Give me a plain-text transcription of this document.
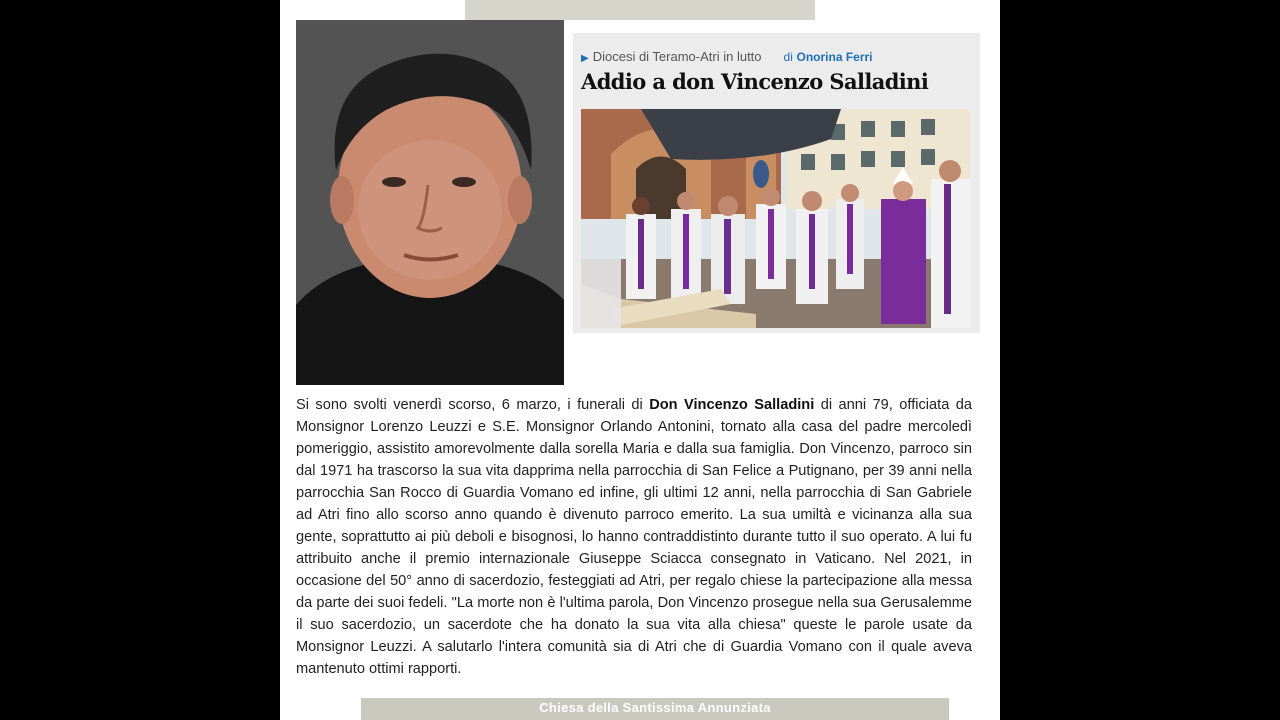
▶ Diocesi di Teramo-Atri in lutto di Onorina Ferri
Addio a don Vincenzo Salladini
Si sono svolti venerdì scorso, 6 marzo, i funerali di Don Vincenzo Salladini di anni 79, officiata da Monsignor Lorenzo Leuzzi e S.E. Monsignor Orlando Antonini, tornato alla casa del padre mercoledì pomeriggio, assistito amorevolmente dalla sorella Maria e dalla sua famiglia. Don Vincenzo, parroco sin dal 1971 ha trascorso la sua vita dapprima nella parrocchia di San Felice a Putignano, per 39 anni nella parrocchia San Rocco di Guardia Vomano ed infine, gli ultimi 12 anni, nella parrocchia di San Gabriele ad Atri fino allo scorso anno quando è divenuto parroco emerito. La sua umiltà e vicinanza alla sua gente, soprattutto ai più deboli e bisognosi, lo hanno contraddistinto durante tutto il suo operato. A lui fu attribuito anche il premio internazionale Giuseppe Sciacca consegnato in Vaticano. Nel 2021, in occasione del 50° anno di sacerdozio, festeggiati ad Atri, per regalo chiese la partecipazione alla messa da parte dei suoi fedeli. "La morte non è l'ultima parola, Don Vincenzo prosegue nella sua Gerusalemme il suo sacerdozio, un sacerdote che ha donato la sua vita alla chiesa" queste le parole usate da Monsignor Leuzzi. A salutarlo l'intera comunità sia di Atri che di Guardia Vomano con il quale aveva mantenuto ottimi rapporti.
Chiesa della Santissima Annunziata
